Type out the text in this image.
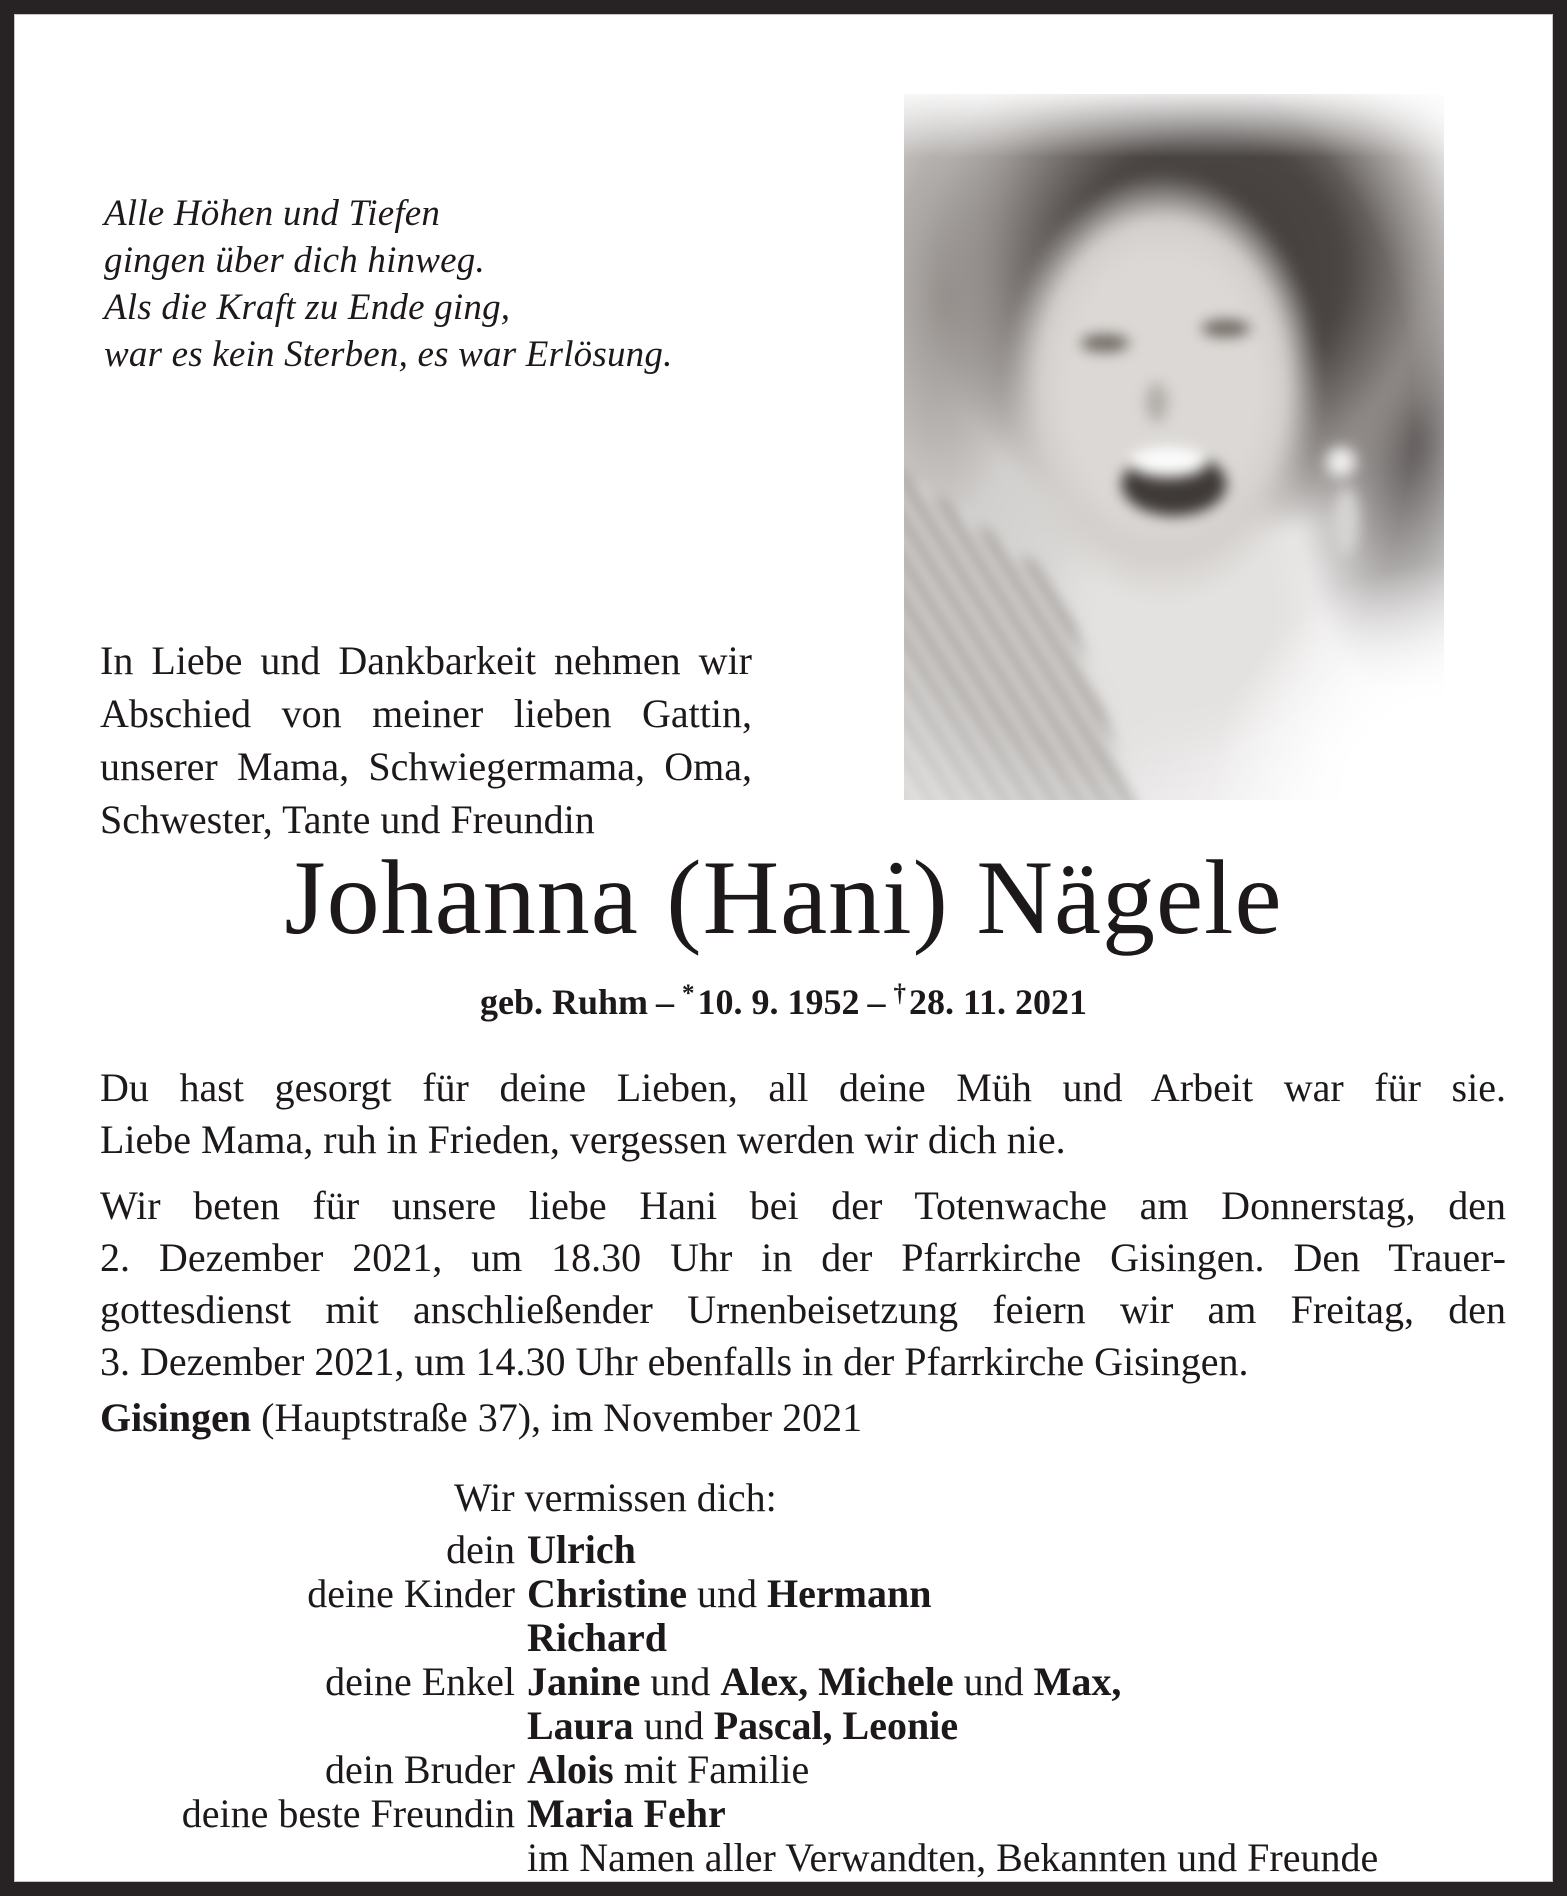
Alle Höhen und Tiefen
gingen über dich hinweg.
Als die Kraft zu Ende ging,
war es kein Sterben, es war Erlösung.
In Liebe und Dankbarkeit nehmen wir
Abschied von meiner lieben Gattin,
unserer Mama, Schwiegermama, Oma,
Schwester, Tante und Freundin
Johanna (Hani) Nägele
geb. Ruhm – *10. 9. 1952 – †28. 11. 2021
Du hast gesorgt für deine Lieben, all deine Müh und Arbeit war für sie.
Liebe Mama, ruh in Frieden, vergessen werden wir dich nie.
Wir beten für unsere liebe Hani bei der Totenwache am Donnerstag, den
2. Dezember 2021, um 18.30 Uhr in der Pfarrkirche Gisingen. Den Trauer-
gottesdienst mit anschließender Urnenbeisetzung feiern wir am Freitag, den
3. Dezember 2021, um 14.30 Uhr ebenfalls in der Pfarrkirche Gisingen.
Gisingen (Hauptstraße 37), im November 2021
Wir vermissen dich:
dein Ulrich
deine Kinder Christine und Hermann
Richard
deine Enkel Janine und Alex, Michele und Max,
Laura und Pascal, Leonie
dein Bruder Alois mit Familie
deine beste Freundin Maria Fehr
im Namen aller Verwandten, Bekannten und Freunde
